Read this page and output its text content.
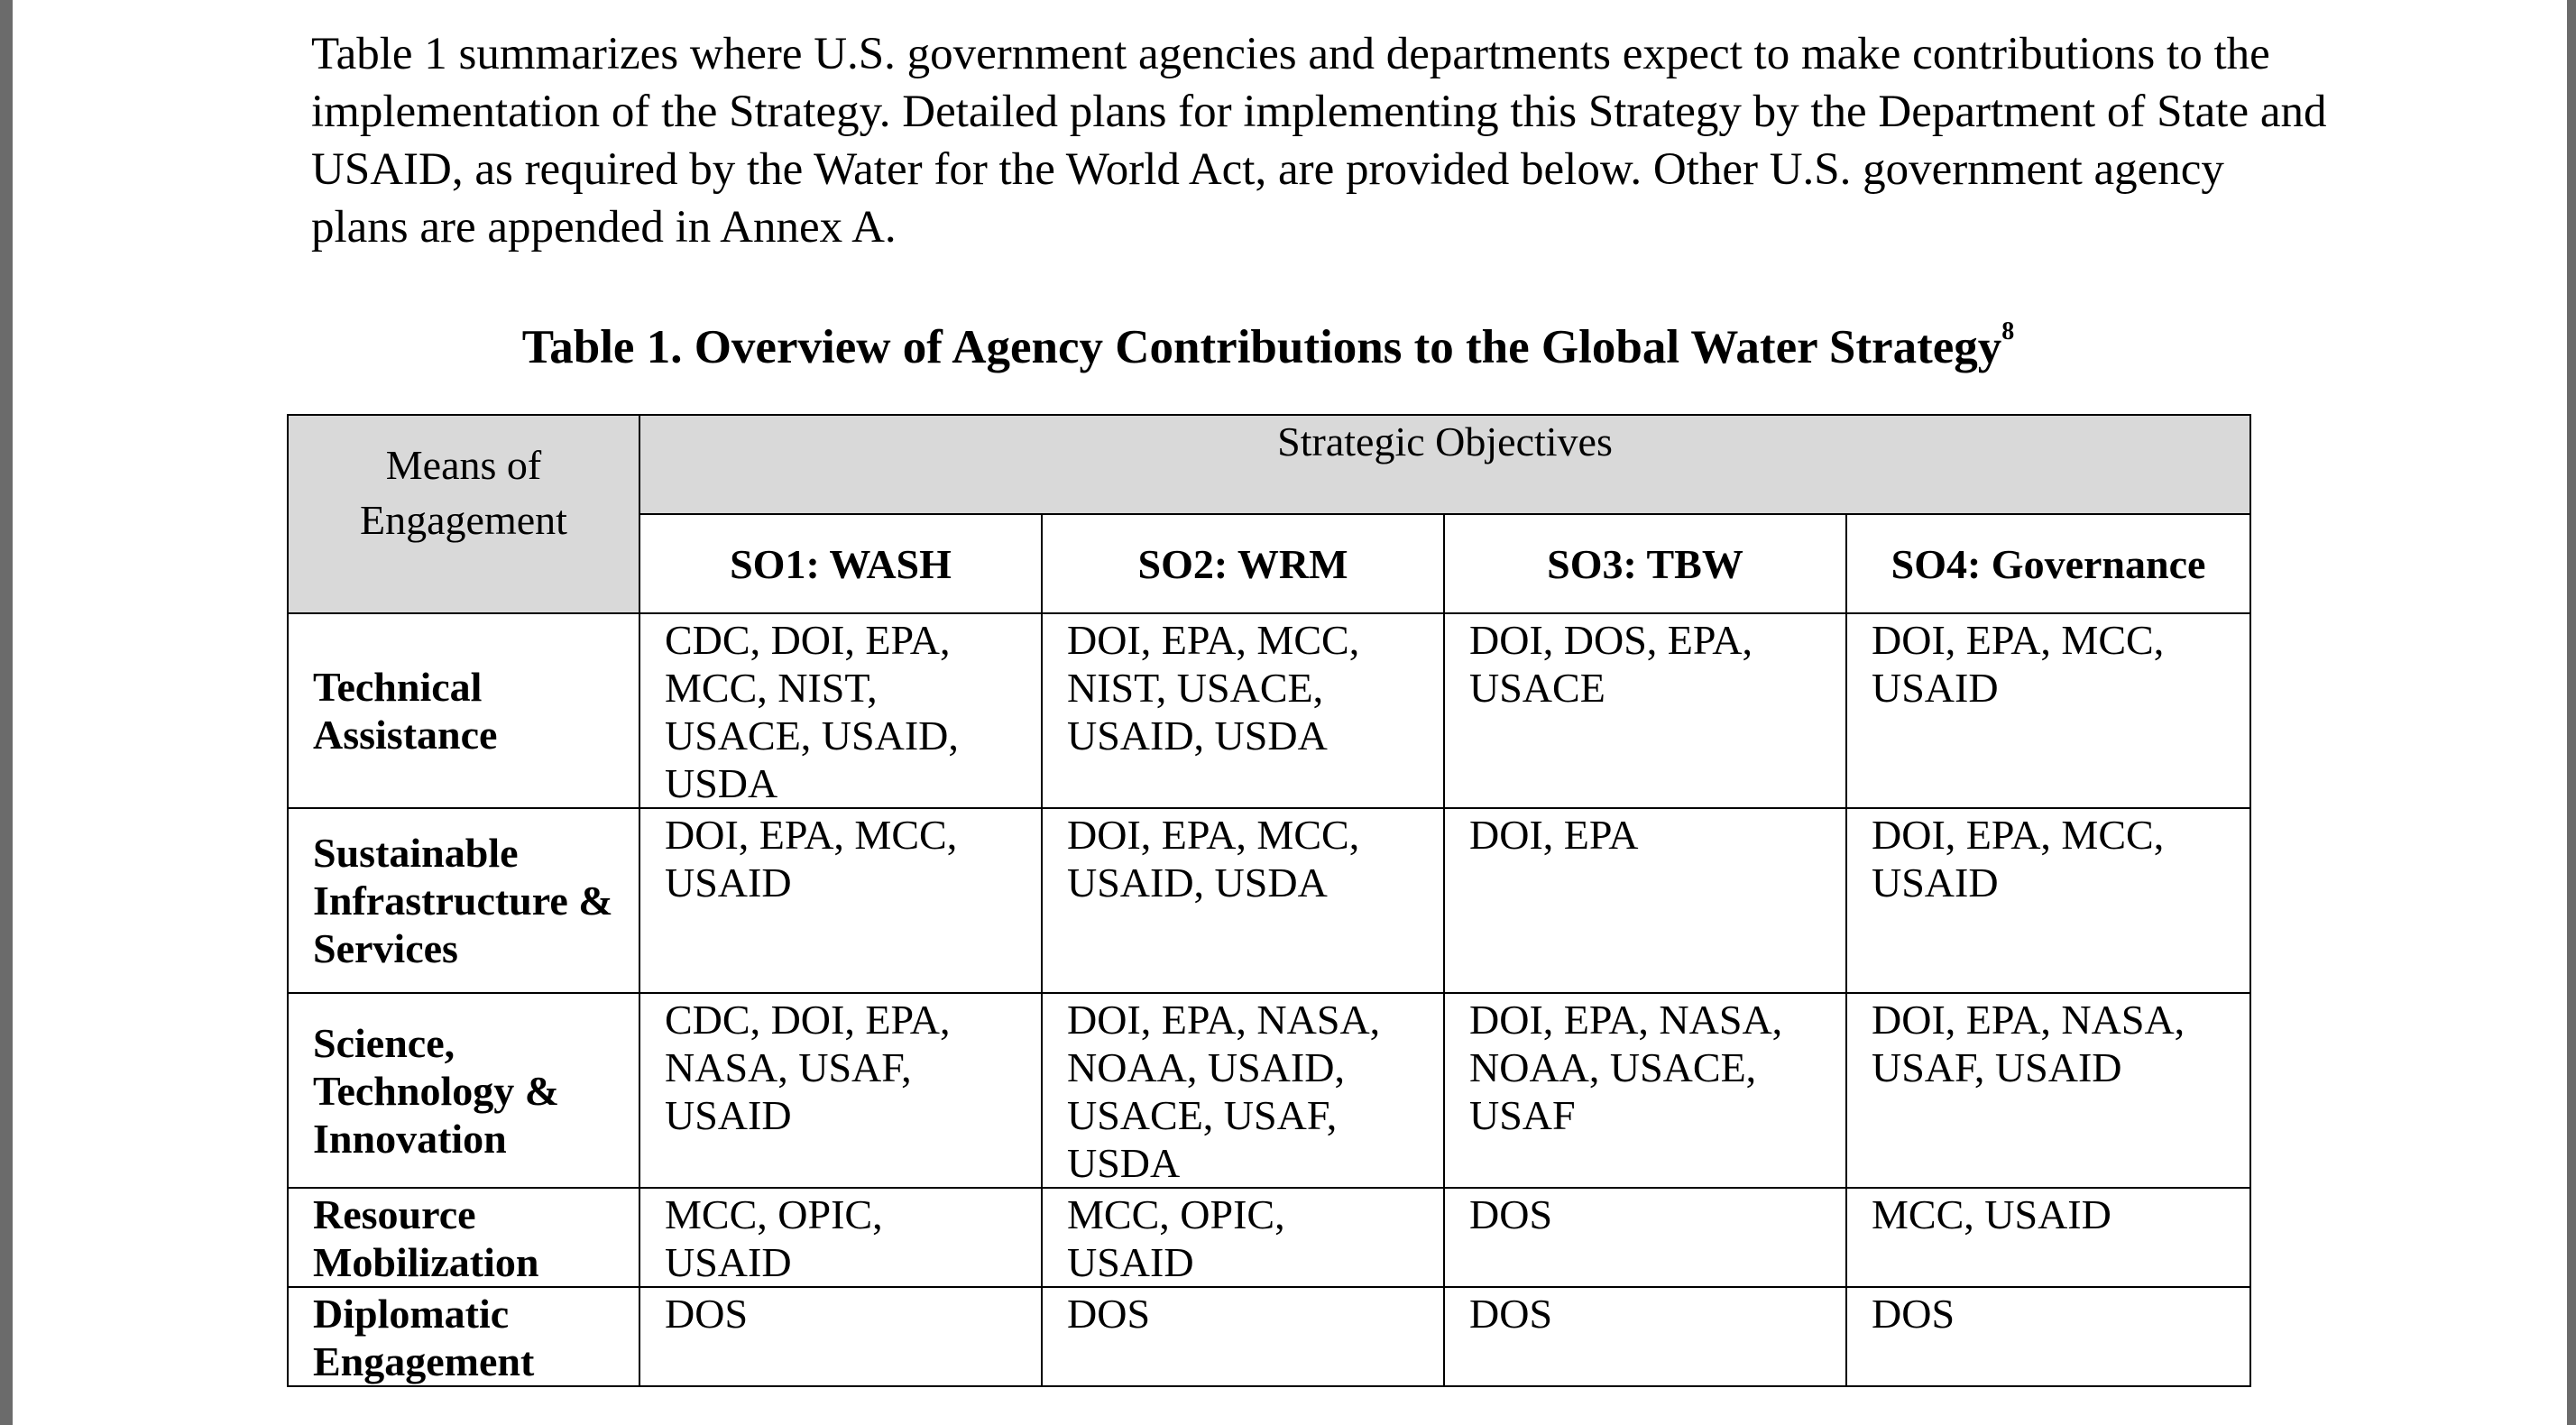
Table 1 summarizes where U.S. government agencies and departments expect to make contributions to the implementation of the Strategy. Detailed plans for implementing this Strategy by the Department of State and USAID, as required by the Water for the World Act, are provided below. Other U.S. government agency plans are appended in Annex A.

Table 1. Overview of Agency Contributions to the Global Water Strategy$^8$

Means of Engagement	Strategic Objectives			
	SO1: WASH	SO2: WRM	SO3: TBW	SO4: Governance
Technical Assistance	CDC, DOI, EPA, MCC, NIST, USACE, USAID, USDA	DOI, EPA, MCC, NIST, USACE, USAID, USDA	DOI, DOS, EPA, USACE	DOI, EPA, MCC, USAID

Sustainable Infrastructure & Services	DOI, EPA, MCC, USAID	DOI, EPA, MCC, USAID, USDA	DOI, EPA	DOI, EPA, MCC, USAID

Science, Technology & Innovation	CDC, DOI, EPA, NASA, USAF, USAID	DOI, EPA, NASA, NOAA, USAID, USACE, USAF, USDA	DOI, EPA, NASA, NOAA, USACE, USAF	DOI, EPA, NASA, USAF, USAID

Resource Mobilization	MCC, OPIC, USAID	MCC, OPIC, USAID	DOS	MCC, USAID

Diplomatic Engagement	DOS	DOS	DOS	DOS
